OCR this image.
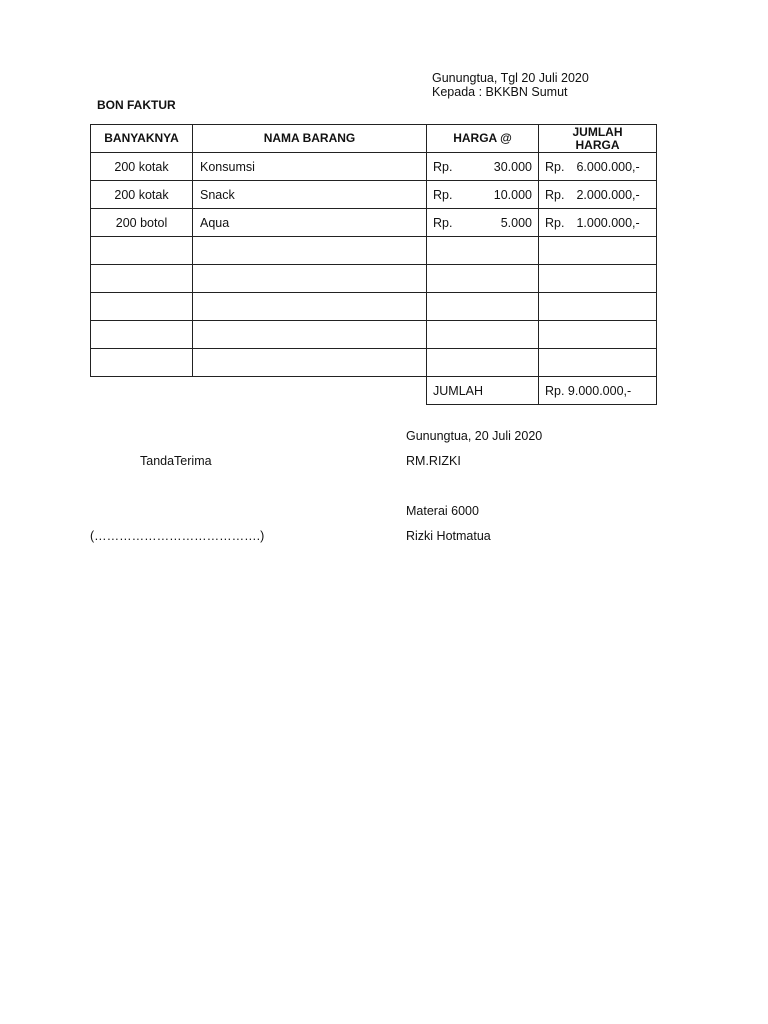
Gunungtua, Tgl 20 Juli 2020
Kepada : BKKBN Sumut
BON FAKTUR
BANYAKNYA	NAMA BARANG	HARGA @	JUMLAH
HARGA

200 kotak	Konsumsi	Rp. 30.000	Rp. 6.000.000,-

200 kotak	Snack	Rp. 10.000	Rp. 2.000.000,-

200 botol	Aqua	Rp. 5.000	Rp. 1.000.000,-

		JUMLAH	Rp. 9.000.000,-
Gunungtua, 20 Juli 2020
TandaTerima	RM.RIZKI
Materai 6000
(………………………………….)	Rizki Hotmatua
